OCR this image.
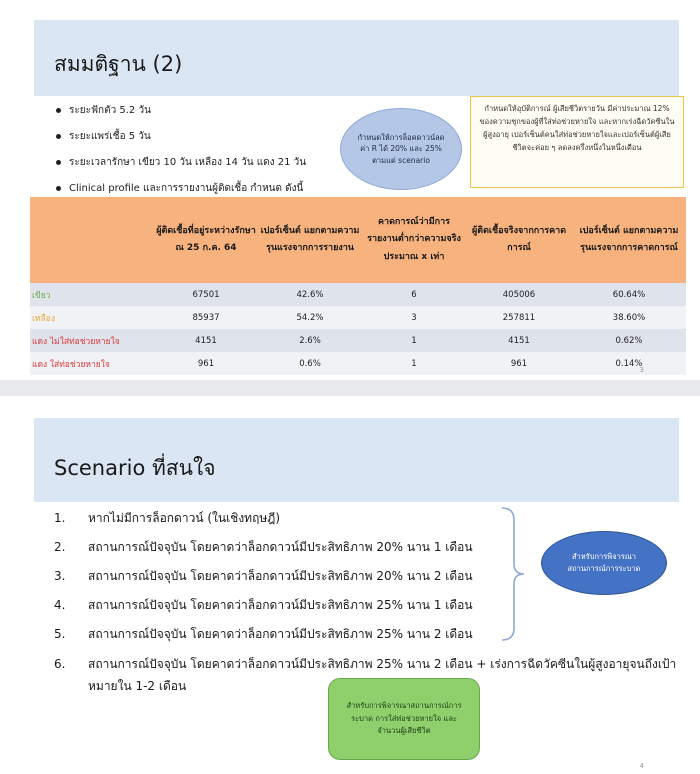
สมมติฐาน (2)
ระยะฟักตัว 5.2 วัน
ระยะแพร่เชื้อ 5 วัน
ระยะเวลารักษา เขียว 10 วัน เหลือง 14 วัน แดง 21 วัน
Clinical profile และการรายงานผู้ติดเชื้อ กำหนด ดังนี้
กำหนดให้การล็อคดาวน์ลดค่า R ได้ 20% และ 25% ตามแต่ scenario
กำหนดให้อุบัติการณ์ ผู้เสียชีวิตรายวัน มีค่าประมาณ 12% ของความชุกของผู้ที่ใส่ท่อช่วยหายใจ และหากเร่งฉีดวัคซีนในผู้สูงอายุ เปอร์เซ็นต์คนใส่ท่อช่วยหายใจและเปอร์เซ็นต์ผู้เสียชีวิตจะค่อย ๆ ลดลงครึ่งหนึ่งในหนึ่งเดือน
	ผู้ติดเชื้อที่อยู่ระหว่างรักษา ณ 25 ก.ค. 64	เปอร์เซ็นต์ แยกตามความรุนแรงจากการรายงาน	คาดการณ์ว่ามีการรายงานต่ำกว่าความจริงประมาณ x เท่า	ผู้ติดเชื้อจริงจากการคาดการณ์	เปอร์เซ็นต์ แยกตามความรุนแรงจากการคาดการณ์
เขียว	67501	42.6%	6	405006	60.64%
เหลือง	85937	54.2%	3	257811	38.60%
แดง ไม่ใส่ท่อช่วยหายใจ	4151	2.6%	1	4151	0.62%
แดง ใส่ท่อช่วยหายใจ	961	0.6%	1	961	0.14%
3
Scenario ที่สนใจ
1. หากไม่มีการล็อกดาวน์ (ในเชิงทฤษฎี)
2. สถานการณ์ปัจจุบัน โดยคาดว่าล็อกดาวน์มีประสิทธิภาพ 20% นาน 1 เดือน
3. สถานการณ์ปัจจุบัน โดยคาดว่าล็อกดาวน์มีประสิทธิภาพ 20% นาน 2 เดือน
4. สถานการณ์ปัจจุบัน โดยคาดว่าล็อกดาวน์มีประสิทธิภาพ 25% นาน 1 เดือน
5. สถานการณ์ปัจจุบัน โดยคาดว่าล็อกดาวน์มีประสิทธิภาพ 25% นาน 2 เดือน
6. สถานการณ์ปัจจุบัน โดยคาดว่าล็อกดาวน์มีประสิทธิภาพ 25% นาน 2 เดือน + เร่งการฉีดวัคซีนในผู้สูงอายุจนถึงเป้าหมายใน 1-2 เดือน
สำหรับการพิจารณาสถานการณ์การระบาด
สำหรับการพิจารณาสถานการณ์การระบาด การใส่ท่อช่วยหายใจ และจำนวนผู้เสียชีวิต
4
